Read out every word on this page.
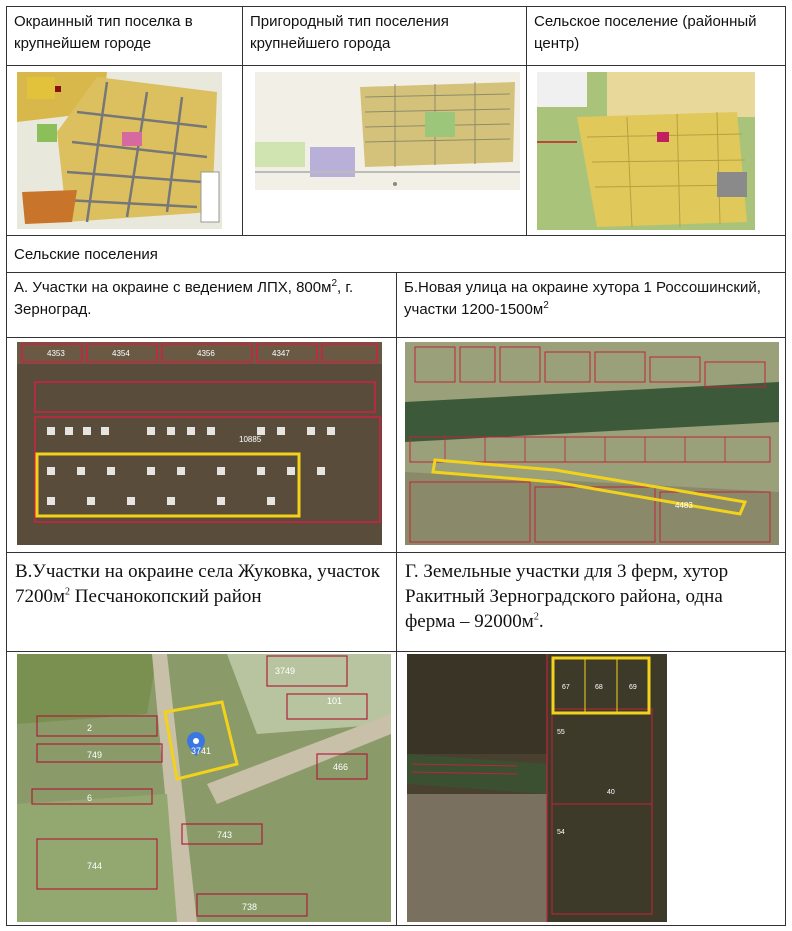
Окраинный тип поселка в крупнейшем городе
Пригородный тип поселения крупнейшего города
Сельское поселение (районный центр)
Сельские поселения
А. Участки на окраине с ведением ЛПХ, $800м^2$, г. Зерноград.
Б.Новая улица на окраине хутора 1 Россошинский, участки $1200-1500м^2$
4353	4354	4356	4347
10885
4483
В.Участки на окраине села Жуковка, участок $7200м^2$ Песчанокопский район
Г. Земельные участки для 3 ферм, хутор Ракитный Зерноградского района, одна ферма – $92000м^2$.
3741
3749
101
2
749
6
466
743
744
738
67	68	69
55
40
54
